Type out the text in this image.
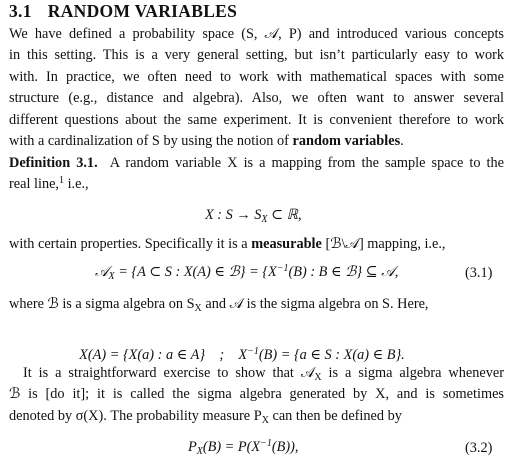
3.1 RANDOM VARIABLES
We have defined a probability space (S, 𝒜, P) and introduced various concepts
in this setting. This is a very general setting, but isn’t particularly easy to work
with. In practice, we often need to work with mathematical spaces with some
structure (e.g., distance and algebra). Also, we often want to answer several
different questions about the same experiment. It is convenient therefore to work
with a cardinalization of S by using the notion of random variables.
Definition 3.1. A random variable X is a mapping from the sample space to the
real line,$^1$ i.e.,
X : $S \to S_X$ ⊂ ℝ,
with certain properties. Specifically it is a measurable [ℬ\𝒜] mapping, i.e.,
𝒜$_X$ = {A ⊂ S : X(A) ∈ ℬ} = {$X^{-1}(B)$ : B ∈ ℬ} ⊆ 𝒜,	(3.1)
where ℬ is a sigma algebra on $S_X$ and 𝒜 is the sigma algebra on S. Here,

X(A) = {X(a) : a ∈ A}    ;    $X^{-1}(B) = \{a$ ∈ S : X(a) ∈ B}.

It is a straightforward exercise to show that 𝒜$_X$ is a sigma algebra whenever
ℬ is [do it]; it is called the sigma algebra generated by X, and is sometimes
denoted by σ(X). The probability measure $P_X$ can then be defined by
$P_X(B) = P(X^{-1}(B))$,	(3.2)
